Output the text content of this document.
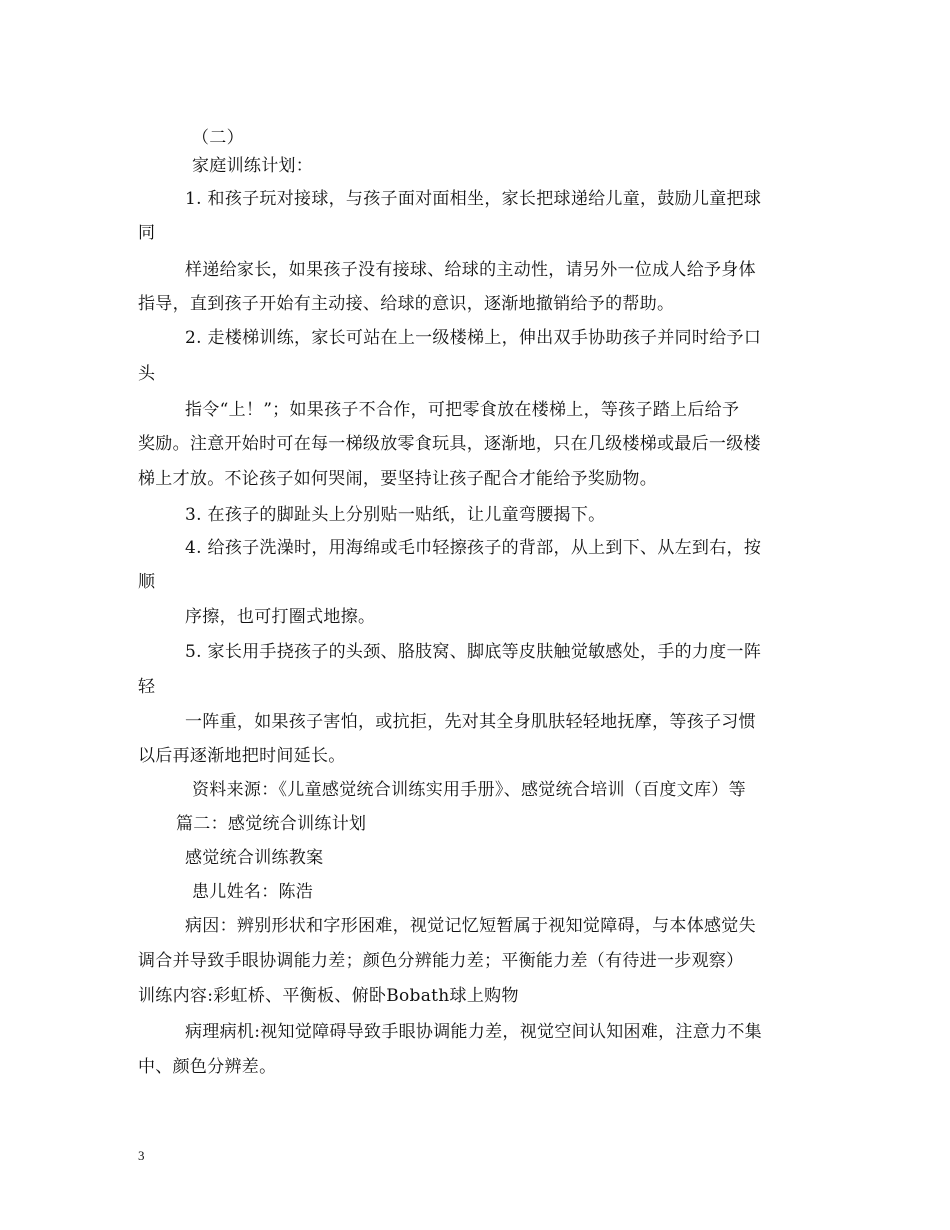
（二）
家庭训练计划：
1. 和孩子玩对接球，与孩子面对面相坐，家长把球递给儿童，鼓励儿童把球
同
样递给家长，如果孩子没有接球、给球的主动性，请另外一位成人给予身体
指导，直到孩子开始有主动接、给球的意识，逐渐地撤销给予的帮助。
2. 走楼梯训练，家长可站在上一级楼梯上，伸出双手协助孩子并同时给予口
头
指令“上！”；如果孩子不合作，可把零食放在楼梯上，等孩子踏上后给予
奖励。注意开始时可在每一梯级放零食玩具，逐渐地，只在几级楼梯或最后一级楼
梯上才放。不论孩子如何哭闹，要坚持让孩子配合才能给予奖励物。
3. 在孩子的脚趾头上分别贴一贴纸，让儿童弯腰揭下。
4. 给孩子洗澡时，用海绵或毛巾轻擦孩子的背部，从上到下、从左到右，按
顺
序擦，也可打圈式地擦。
5. 家长用手挠孩子的头颈、胳肢窝、脚底等皮肤触觉敏感处，手的力度一阵
轻
一阵重，如果孩子害怕，或抗拒，先对其全身肌肤轻轻地抚摩，等孩子习惯
以后再逐渐地把时间延长。
资料来源：《儿童感觉统合训练实用手册》、感觉统合培训（百度文库）等
篇二：感觉统合训练计划
感觉统合训练教案
患儿姓名：陈浩
病因：辨别形状和字形困难，视觉记忆短暂属于视知觉障碍，与本体感觉失
调合并导致手眼协调能力差；颜色分辨能力差；平衡能力差（有待进一步观察）
训练内容:彩虹桥、平衡板、俯卧Bobath球上购物
病理病机:视知觉障碍导致手眼协调能力差，视觉空间认知困难，注意力不集
中、颜色分辨差。
3
